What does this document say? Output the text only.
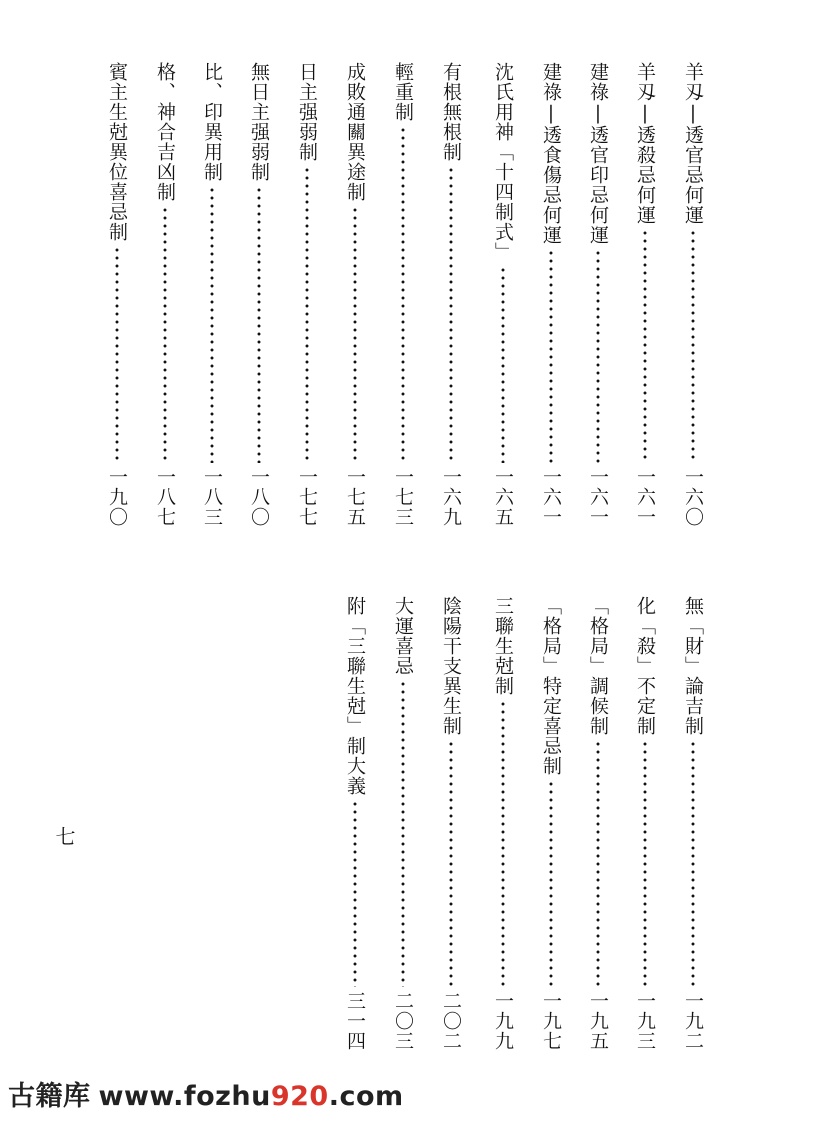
羊刄|透官忌何運
一六〇
羊刄|透殺忌何運
一六一
建祿|透官印忌何運
一六一
建祿|透食傷忌何運
一六一
沈氏用神「十四制式」
一六五
有根無根制
一六九
輕重制
一七三
成敗通關異途制
一七五
日主强弱制
一七七
無日主强弱制
一八〇
比、印異用制
一八三
格、神合吉凶制
一八七
賓主生尅異位喜忌制
一九〇
無「財」論吉制
一九二
化「殺」不定制
一九三
「格局」調候制
一九五
「格局」特定喜忌制
一九七
三聯生尅制
一九九
陰陽干支異生制
二〇二
大運喜忌
二〇三
附「三聯生尅」制大義
三一四
七
古籍库 www.fozhu920.com
